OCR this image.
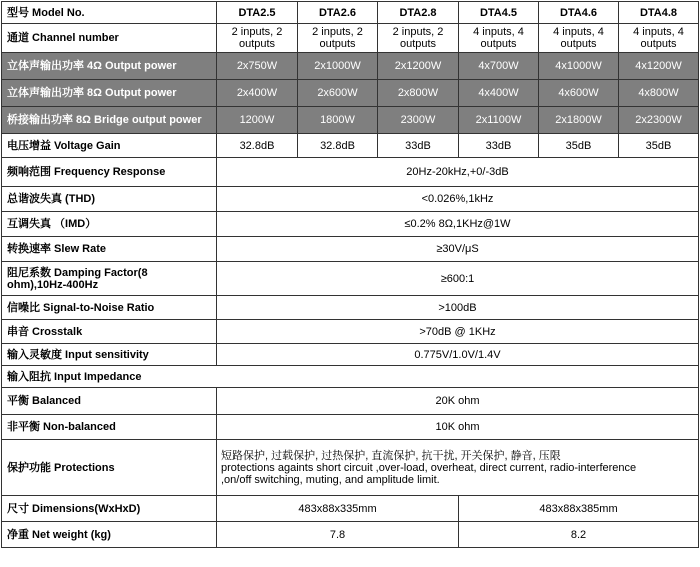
型号 Model No.	DTA2.5	DTA2.6	DTA2.8	DTA4.5	DTA4.6	DTA4.8
通道 Channel number	2 inputs, 2 outputs	2 inputs, 2 outputs	2 inputs, 2 outputs	4 inputs, 4 outputs	4 inputs, 4 outputs	4 inputs, 4 outputs
立体声输出功率 4Ω Output power	2x750W	2x1000W	2x1200W	4x700W	4x1000W	4x1200W
立体声输出功率 8Ω Output power	2x400W	2x600W	2x800W	4x400W	4x600W	4x800W
桥接输出功率 8Ω Bridge output power	1200W	1800W	2300W	2x1100W	2x1800W	2x2300W
电压增益 Voltage Gain	32.8dB	32.8dB	33dB	33dB	35dB	35dB
频响范围 Frequency Response	20Hz-20kHz,+0/-3dB					
总谐波失真 (THD)	<0.026%,1kHz					
互调失真 （IMD）	≤0.2% 8Ω,1KHz@1W					
转换速率 Slew Rate	≥30V/μS					

阻尼系数 Damping Factor(8
ohm),10Hz-400Hz	≥600:1					
信噪比 Signal-to-Noise Ratio	>100dB					
串音 Crosstalk	>70dB @ 1KHz					
输入灵敏度 Input sensitivity	0.775V/1.0V/1.4V					
输入阻抗 Input Impedance						
平衡 Balanced	20K ohm					
非平衡 Non-balanced	10K ohm					
保护功能 Protections	短路保护, 过载保护, 过热保护, 直流保护, 抗干扰, 开关保护, 静音, 压限
protections againts short circuit ,over-load, overheat, direct current, radio-interference
,on/off switching, muting, and amplitude limit.					

尺寸 Dimensions(WxHxD)	483x88x335mm			483x88x385mm		
净重 Net weight (kg)	7.8			8.2		
